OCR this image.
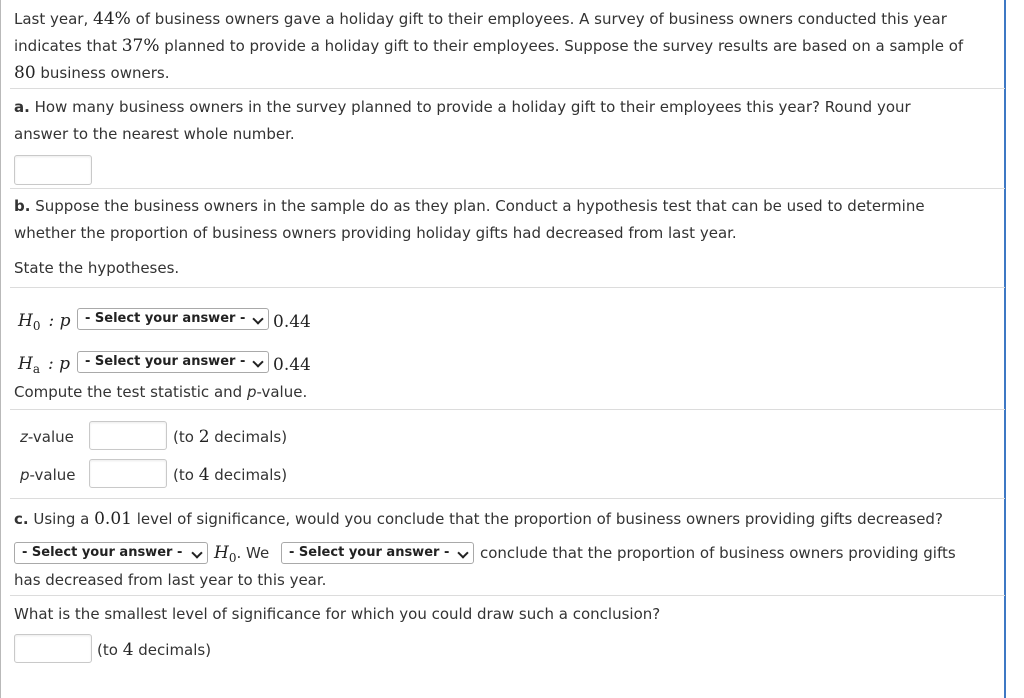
Last year, 44% of business owners gave a holiday gift to their employees. A survey of business owners conducted this year
indicates that 37% planned to provide a holiday gift to their employees. Suppose the survey results are based on a sample of
80 business owners.
a. How many business owners in the survey planned to provide a holiday gift to their employees this year? Round your
answer to the nearest whole number.
b. Suppose the business owners in the sample do as they plan. Conduct a hypothesis test that can be used to determine
whether the proportion of business owners providing holiday gifts had decreased from last year.
State the hypotheses.
$H_0$ : p	- Select your answer -	0.44
$H_a$ : p	- Select your answer -	0.44
Compute the test statistic and p-value.
z-value	(to 2 decimals)
p-value	(to 4 decimals)
c. Using a 0.01 level of significance, would you conclude that the proportion of business owners providing gifts decreased?
- Select your answer -	$H_0$. We	- Select your answer -	conclude that the proportion of business owners providing gifts
has decreased from last year to this year.
What is the smallest level of significance for which you could draw such a conclusion?
(to 4 decimals)
